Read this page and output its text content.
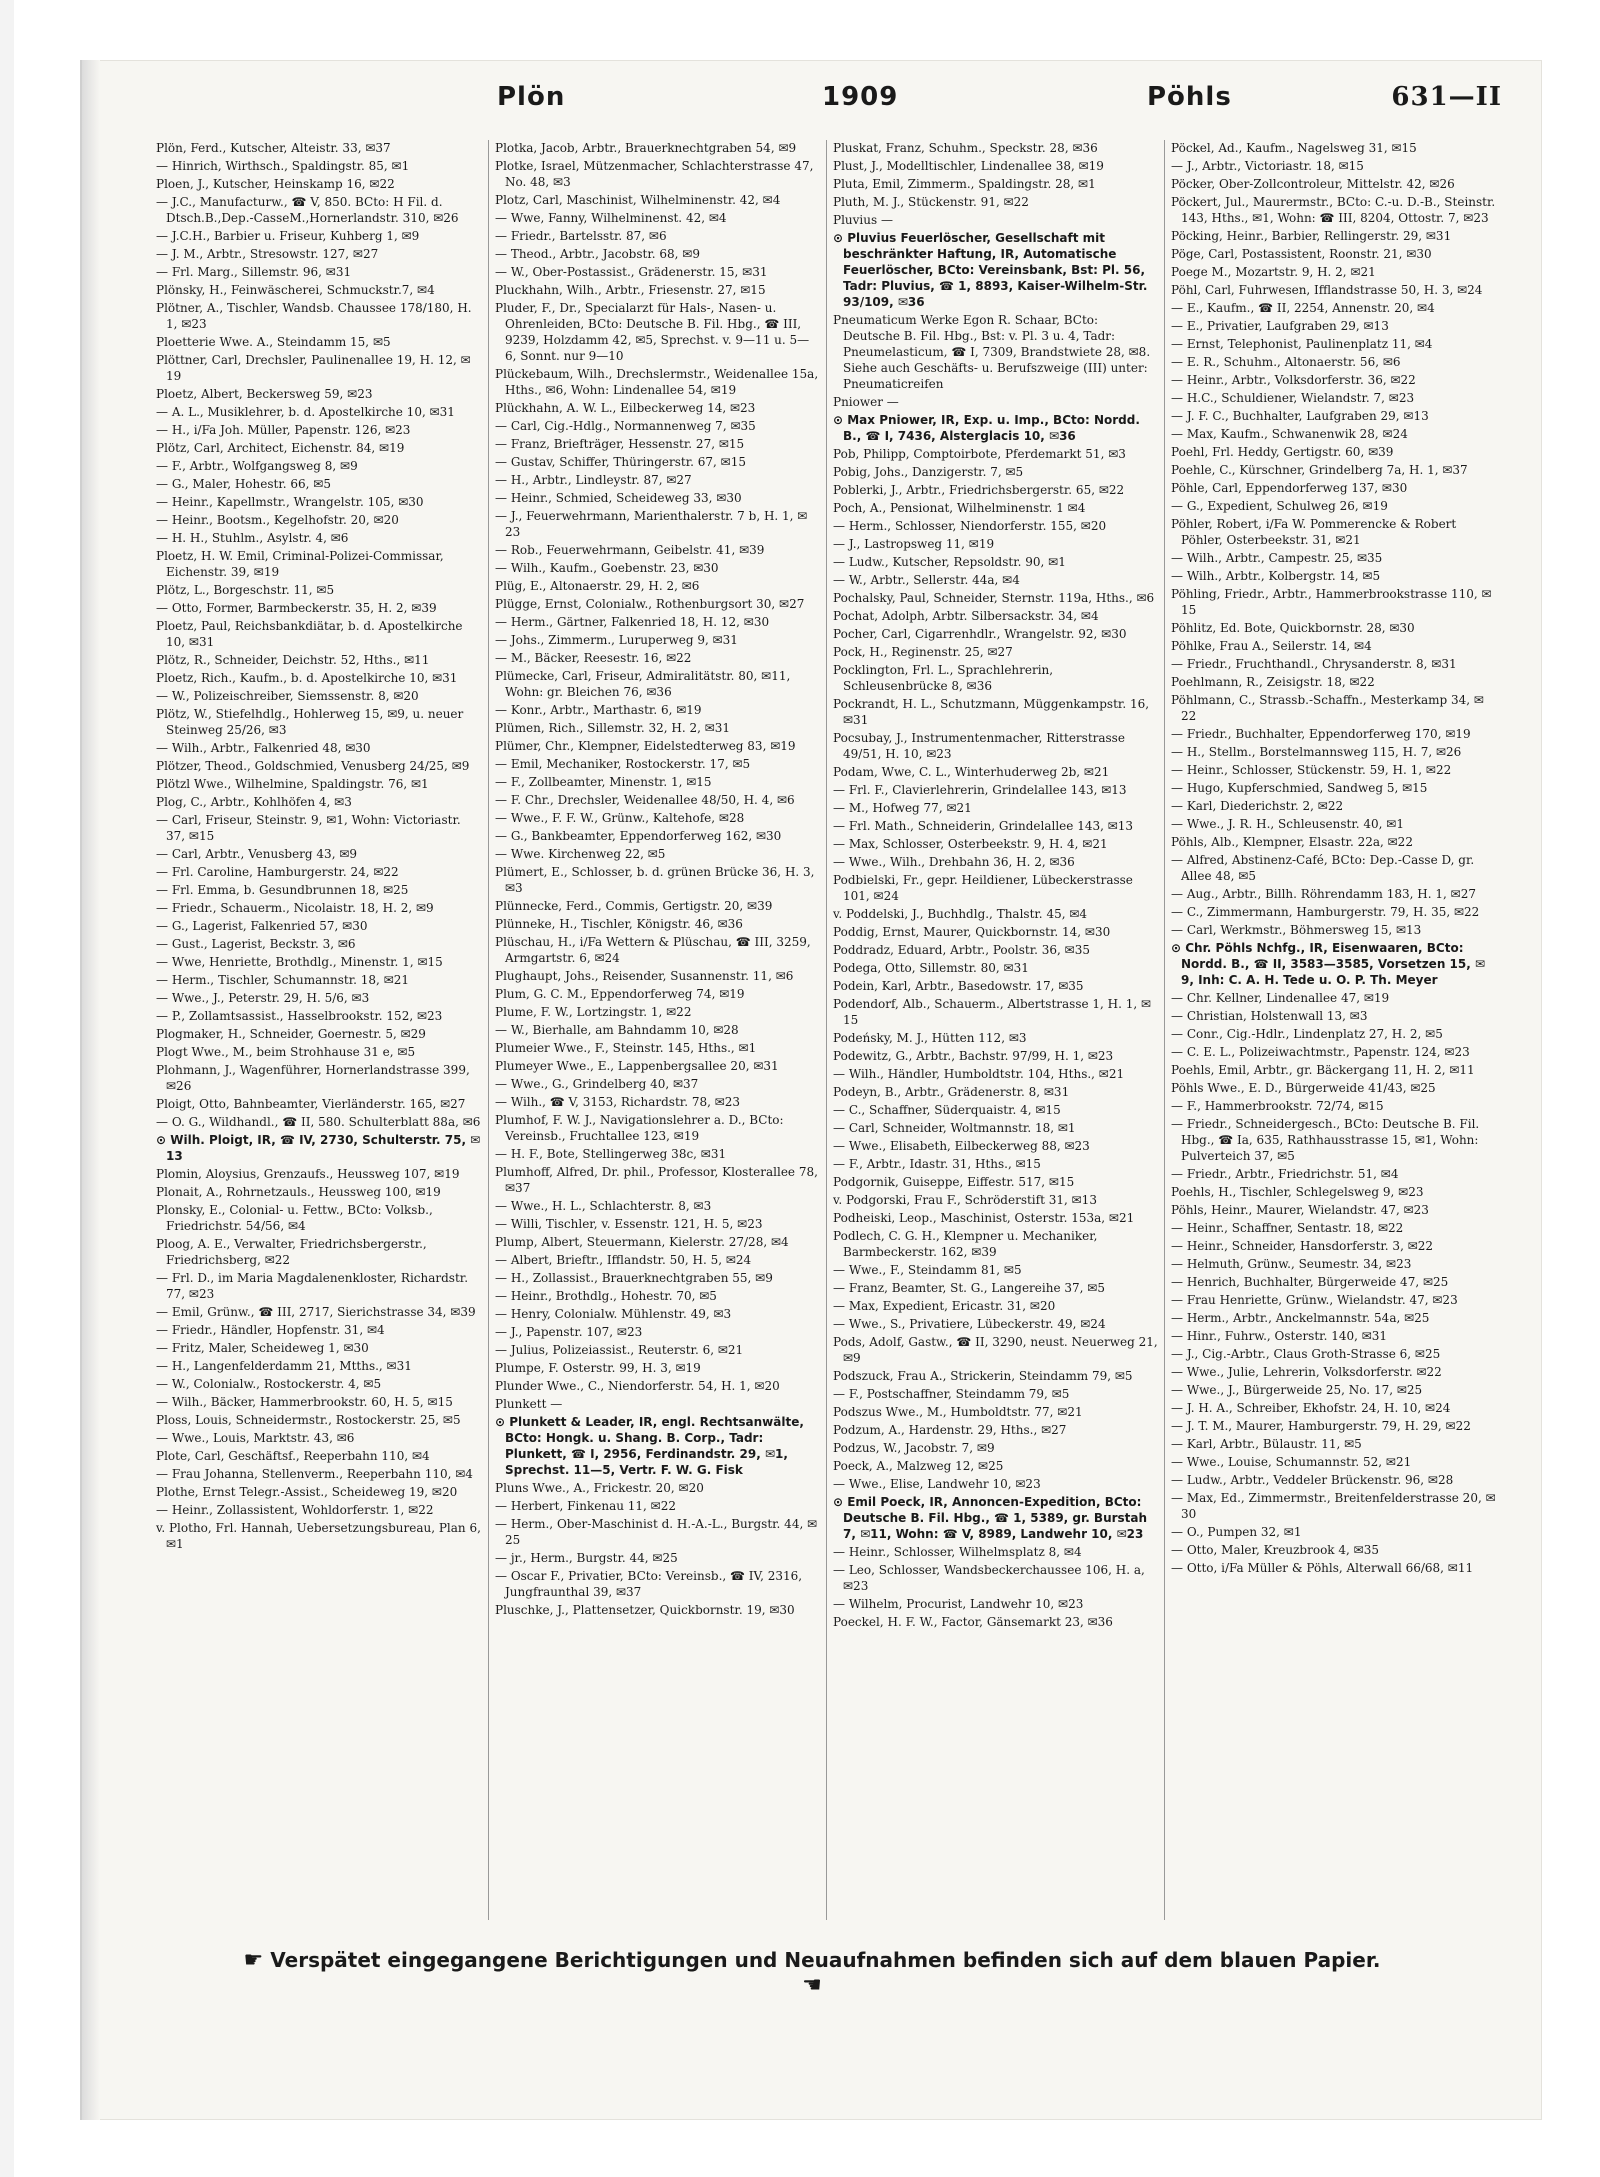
Plön	1909	Pöhls	631—II

Plön, Ferd., Kutscher, Alteistr. 33, ✉37

— Hinrich, Wirthsch., Spaldingstr. 85, ✉1

Ploen, J., Kutscher, Heinskamp 16, ✉22

— J.C., Manufacturw., ☎ V, 850. BCto: H Fil. d. Dtsch.B.,Dep.-CasseM.,Hornerlandstr. 310, ✉26

— J.C.H., Barbier u. Friseur, Kuhberg 1, ✉9

— J. M., Arbtr., Stresowstr. 127, ✉27

— Frl. Marg., Sillemstr. 96, ✉31

Plönsky, H., Feinwäscherei, Schmuckstr.7, ✉4

Plötner, A., Tischler, Wandsb. Chaussee 178/180, H. 1, ✉23

Ploetterie Wwe. A., Steindamm 15, ✉5

Plöttner, Carl, Drechsler, Paulinenallee 19, H. 12, ✉19

Ploetz, Albert, Beckersweg 59, ✉23

— A. L., Musiklehrer, b. d. Apostelkirche 10, ✉31

— H., i/Fa Joh. Müller, Papenstr. 126, ✉23

Plötz, Carl, Architect, Eichenstr. 84, ✉19

— F., Arbtr., Wolfgangsweg 8, ✉9

— G., Maler, Hohestr. 66, ✉5

— Heinr., Kapellmstr., Wrangelstr. 105, ✉30

— Heinr., Bootsm., Kegelhofstr. 20, ✉20

— H. H., Stuhlm., Asylstr. 4, ✉6

Ploetz, H. W. Emil, Criminal-Polizei-Commissar, Eichenstr. 39, ✉19

Plötz, L., Borgeschstr. 11, ✉5

— Otto, Former, Barmbeckerstr. 35, H. 2, ✉39

Ploetz, Paul, Reichsbankdiätar, b. d. Apostelkirche 10, ✉31

Plötz, R., Schneider, Deichstr. 52, Hths., ✉11

Ploetz, Rich., Kaufm., b. d. Apostelkirche 10, ✉31

— W., Polizeischreiber, Siemssenstr. 8, ✉20

Plötz, W., Stiefelhdlg., Hohlerweg 15, ✉9, u. neuer Steinweg 25/26, ✉3

— Wilh., Arbtr., Falkenried 48, ✉30

Plötzer, Theod., Goldschmied, Venusberg 24/25, ✉9

Plötzl Wwe., Wilhelmine, Spaldingstr. 76, ✉1

Plog, C., Arbtr., Kohlhöfen 4, ✉3

— Carl, Friseur, Steinstr. 9, ✉1, Wohn: Victoriastr. 37, ✉15

— Carl, Arbtr., Venusberg 43, ✉9

— Frl. Caroline, Hamburgerstr. 24, ✉22

— Frl. Emma, b. Gesundbrunnen 18, ✉25

— Friedr., Schauerm., Nicolaistr. 18, H. 2, ✉9

— G., Lagerist, Falkenried 57, ✉30

— Gust., Lagerist, Beckstr. 3, ✉6

— Wwe, Henriette, Brothdlg., Minenstr. 1, ✉15

— Herm., Tischler, Schumannstr. 18, ✉21

— Wwe., J., Peterstr. 29, H. 5/6, ✉3

— P., Zollamtsassist., Hasselbrookstr. 152, ✉23

Plogmaker, H., Schneider, Goernestr. 5, ✉29

Plogt Wwe., M., beim Strohhause 31 e, ✉5

Plohmann, J., Wagenführer, Hornerlandstrasse 399, ✉26

Ploigt, Otto, Bahnbeamter, Vierländerstr. 165, ✉27

— O. G., Wildhandl., ☎ II, 580. Schulterblatt 88a, ✉6

⊙ Wilh. Ploigt, IR, ☎ IV, 2730, Schulterstr. 75, ✉13

Plomin, Aloysius, Grenzaufs., Heussweg 107, ✉19

Plonait, A., Rohrnetzauls., Heussweg 100, ✉19

Plonsky, E., Colonial- u. Fettw., BCto: Volksb., Friedrichstr. 54/56, ✉4

Ploog, A. E., Verwalter, Friedrichsbergerstr., Friedrichsberg, ✉22

— Frl. D., im Maria Magdalenenkloster, Richardstr. 77, ✉23

— Emil, Grünw., ☎ III, 2717, Sierichstrasse 34, ✉39

— Friedr., Händler, Hopfenstr. 31, ✉4

— Fritz, Maler, Scheideweg 1, ✉30

— H., Langenfelderdamm 21, Mtths., ✉31

— W., Colonialw., Rostockerstr. 4, ✉5

— Wilh., Bäcker, Hammerbrookstr. 60, H. 5, ✉15

Ploss, Louis, Schneidermstr., Rostockerstr. 25, ✉5

— Wwe., Louis, Marktstr. 43, ✉6

Plote, Carl, Geschäftsf., Reeperbahn 110, ✉4

— Frau Johanna, Stellenverm., Reeperbahn 110, ✉4

Plothe, Ernst Telegr.-Assist., Scheideweg 19, ✉20

— Heinr., Zollassistent, Wohldorferstr. 1, ✉22

v. Plotho, Frl. Hannah, Uebersetzungsbureau, Plan 6, ✉1

Plotka, Jacob, Arbtr., Brauerknechtgraben 54, ✉9

Plotke, Israel, Mützenmacher, Schlachterstrasse 47, No. 48, ✉3

Plotz, Carl, Maschinist, Wilhelminenstr. 42, ✉4

— Wwe, Fanny, Wilhelminenst. 42, ✉4

— Friedr., Bartelsstr. 87, ✉6

— Theod., Arbtr., Jacobstr. 68, ✉9

— W., Ober-Postassist., Grädenerstr. 15, ✉31

Pluckhahn, Wilh., Arbtr., Friesenstr. 27, ✉15

Pluder, F., Dr., Specialarzt für Hals-, Nasen- u. Ohrenleiden, BCto: Deutsche B. Fil. Hbg., ☎ III, 9239, Holzdamm 42, ✉5, Sprechst. v. 9—11 u. 5—6, Sonnt. nur 9—10

Plückebaum, Wilh., Drechslermstr., Weidenallee 15a, Hths., ✉6, Wohn: Lindenallee 54, ✉19

Plückhahn, A. W. L., Eilbeckerweg 14, ✉23

— Carl, Cig.-Hdlg., Normannenweg 7, ✉35

— Franz, Briefträger, Hessenstr. 27, ✉15

— Gustav, Schiffer, Thüringerstr. 67, ✉15

— H., Arbtr., Lindleystr. 87, ✉27

— Heinr., Schmied, Scheideweg 33, ✉30

— J., Feuerwehrmann, Marienthalerstr. 7 b, H. 1, ✉23

— Rob., Feuerwehrmann, Geibelstr. 41, ✉39

— Wilh., Kaufm., Goebenstr. 23, ✉30

Plüg, E., Altonaerstr. 29, H. 2, ✉6

Plügge, Ernst, Colonialw., Rothenburgsort 30, ✉27

— Herm., Gärtner, Falkenried 18, H. 12, ✉30

— Johs., Zimmerm., Luruperweg 9, ✉31

— M., Bäcker, Reesestr. 16, ✉22

Plümecke, Carl, Friseur, Admiralitätstr. 80, ✉11, Wohn: gr. Bleichen 76, ✉36

— Konr., Arbtr., Marthastr. 6, ✉19

Plümen, Rich., Sillemstr. 32, H. 2, ✉31

Plümer, Chr., Klempner, Eidelstedterweg 83, ✉19

— Emil, Mechaniker, Rostockerstr. 17, ✉5

— F., Zollbeamter, Minenstr. 1, ✉15

— F. Chr., Drechsler, Weidenallee 48/50, H. 4, ✉6

— Wwe., F. F. W., Grünw., Kaltehofe, ✉28

— G., Bankbeamter, Eppendorferweg 162, ✉30

— Wwe. Kirchenweg 22, ✉5

Plümert, E., Schlosser, b. d. grünen Brücke 36, H. 3, ✉3

Plünnecke, Ferd., Commis, Gertigstr. 20, ✉39

Plünneke, H., Tischler, Königstr. 46, ✉36

Plüschau, H., i/Fa Wettern & Plüschau, ☎ III, 3259, Armgartstr. 6, ✉24

Plughaupt, Johs., Reisender, Susannenstr. 11, ✉6

Plum, G. C. M., Eppendorferweg 74, ✉19

Plume, F. W., Lortzingstr. 1, ✉22

— W., Bierhalle, am Bahndamm 10, ✉28

Plumeier Wwe., F., Steinstr. 145, Hths., ✉1

Plumeyer Wwe., E., Lappenbergsallee 20, ✉31

— Wwe., G., Grindelberg 40, ✉37

— Wilh., ☎ V, 3153, Richardstr. 78, ✉23

Plumhof, F. W. J., Navigationslehrer a. D., BCto: Vereinsb., Fruchtallee 123, ✉19

— H. F., Bote, Stellingerweg 38c, ✉31

Plumhoff, Alfred, Dr. phil., Professor, Klosterallee 78, ✉37

— Wwe., H. L., Schlachterstr. 8, ✉3

— Willi, Tischler, v. Essenstr. 121, H. 5, ✉23

Plump, Albert, Steuermann, Kielerstr. 27/28, ✉4

— Albert, Brieftr., Ifflandstr. 50, H. 5, ✉24

— H., Zollassist., Brauerknechtgraben 55, ✉9

— Heinr., Brothdlg., Hohestr. 70, ✉5

— Henry, Colonialw. Mühlenstr. 49, ✉3

— J., Papenstr. 107, ✉23

— Julius, Polizeiassist., Reuterstr. 6, ✉21

Plumpe, F. Osterstr. 99, H. 3, ✉19

Plunder Wwe., C., Niendorferstr. 54, H. 1, ✉20

Plunkett —

⊙ Plunkett & Leader, IR, engl. Rechtsanwälte, BCto: Hongk. u. Shang. B. Corp., Tadr: Plunkett, ☎ I, 2956, Ferdinandstr. 29, ✉1, Sprechst. 11—5, Vertr. F. W. G. Fisk

Pluns Wwe., A., Frickestr. 20, ✉20

— Herbert, Finkenau 11, ✉22

— Herm., Ober-Maschinist d. H.-A.-L., Burgstr. 44, ✉25

— jr., Herm., Burgstr. 44, ✉25

— Oscar F., Privatier, BCto: Vereinsb., ☎ IV, 2316, Jungfraunthal 39, ✉37

Pluschke, J., Plattensetzer, Quickbornstr. 19, ✉30

Pluskat, Franz, Schuhm., Speckstr. 28, ✉36

Plust, J., Modelltischler, Lindenallee 38, ✉19

Pluta, Emil, Zimmerm., Spaldingstr. 28, ✉1

Pluth, M. J., Stückenstr. 91, ✉22

Pluvius —

⊙ Pluvius Feuerlöscher, Gesellschaft mit beschränkter Haftung, IR, Automatische Feuerlöscher, BCto: Vereinsbank, Bst: Pl. 56, Tadr: Pluvius, ☎ 1, 8893, Kaiser-Wilhelm-Str. 93/109, ✉36

Pneumaticum Werke Egon R. Schaar, BCto: Deutsche B. Fil. Hbg., Bst: v. Pl. 3 u. 4, Tadr: Pneumelasticum, ☎ I, 7309, Brandstwiete 28, ✉8. Siehe auch Geschäfts- u. Berufszweige (III) unter: Pneumaticreifen

Pniower —

⊙ Max Pniower, IR, Exp. u. Imp., BCto: Nordd. B., ☎ I, 7436, Alsterglacis 10, ✉36

Pob, Philipp, Comptoirbote, Pferdemarkt 51, ✉3

Pobig, Johs., Danzigerstr. 7, ✉5

Poblerki, J., Arbtr., Friedrichsbergerstr. 65, ✉22

Poch, A., Pensionat, Wilhelminenstr. 1 ✉4

— Herm., Schlosser, Niendorferstr. 155, ✉20

— J., Lastropsweg 11, ✉19

— Ludw., Kutscher, Repsoldstr. 90, ✉1

— W., Arbtr., Sellerstr. 44a, ✉4

Pochalsky, Paul, Schneider, Sternstr. 119a, Hths., ✉6

Pochat, Adolph, Arbtr. Silbersackstr. 34, ✉4

Pocher, Carl, Cigarrenhdlr., Wrangelstr. 92, ✉30

Pock, H., Reginenstr. 25, ✉27

Pocklington, Frl. L., Sprachlehrerin, Schleusenbrücke 8, ✉36

Pockrandt, H. L., Schutzmann, Müggenkampstr. 16, ✉31

Pocsubay, J., Instrumentenmacher, Ritterstrasse 49/51, H. 10, ✉23

Podam, Wwe, C. L., Winterhuderweg 2b, ✉21

— Frl. F., Clavierlehrerin, Grindelallee 143, ✉13

— M., Hofweg 77, ✉21

— Frl. Math., Schneiderin, Grindelallee 143, ✉13

— Max, Schlosser, Osterbeekstr. 9, H. 4, ✉21

— Wwe., Wilh., Drehbahn 36, H. 2, ✉36

Podbielski, Fr., gepr. Heildiener, Lübeckerstrasse 101, ✉24

v. Poddelski, J., Buchhdlg., Thalstr. 45, ✉4

Poddig, Ernst, Maurer, Quickbornstr. 14, ✉30

Poddradz, Eduard, Arbtr., Poolstr. 36, ✉35

Podega, Otto, Sillemstr. 80, ✉31

Podein, Karl, Arbtr., Basedowstr. 17, ✉35

Podendorf, Alb., Schauerm., Albertstrasse 1, H. 1, ✉15

Podeńsky, M. J., Hütten 112, ✉3

Podewitz, G., Arbtr., Bachstr. 97/99, H. 1, ✉23

— Wilh., Händler, Humboldtstr. 104, Hths., ✉21

Podeyn, B., Arbtr., Grädenerstr. 8, ✉31

— C., Schaffner, Süderquaistr. 4, ✉15

— Carl, Schneider, Woltmannstr. 18, ✉1

— Wwe., Elisabeth, Eilbeckerweg 88, ✉23

— F., Arbtr., Idastr. 31, Hths., ✉15

Podgornik, Guiseppe, Eiffestr. 517, ✉15

v. Podgorski, Frau F., Schröderstift 31, ✉13

Podheiski, Leop., Maschinist, Osterstr. 153a, ✉21

Podlech, C. G. H., Klempner u. Mechaniker, Barmbeckerstr. 162, ✉39

— Wwe., F., Steindamm 81, ✉5

— Franz, Beamter, St. G., Langereihe 37, ✉5

— Max, Expedient, Ericastr. 31, ✉20

— Wwe., S., Privatiere, Lübeckerstr. 49, ✉24

Pods, Adolf, Gastw., ☎ II, 3290, neust. Neuerweg 21, ✉9

Podszuck, Frau A., Strickerin, Steindamm 79, ✉5

— F., Postschaffner, Steindamm 79, ✉5

Podszus Wwe., M., Humboldtstr. 77, ✉21

Podzum, A., Hardenstr. 29, Hths., ✉27

Podzus, W., Jacobstr. 7, ✉9

Poeck, A., Malzweg 12, ✉25

— Wwe., Elise, Landwehr 10, ✉23

⊙ Emil Poeck, IR, Annoncen-Expedition, BCto: Deutsche B. Fil. Hbg., ☎ 1, 5389, gr. Burstah 7, ✉11, Wohn: ☎ V, 8989, Landwehr 10, ✉23

— Heinr., Schlosser, Wilhelmsplatz 8, ✉4

— Leo, Schlosser, Wandsbeckerchaussee 106, H. a, ✉23

— Wilhelm, Procurist, Landwehr 10, ✉23

Poeckel, H. F. W., Factor, Gänsemarkt 23, ✉36

Pöckel, Ad., Kaufm., Nagelsweg 31, ✉15

— J., Arbtr., Victoriastr. 18, ✉15

Pöcker, Ober-Zollcontroleur, Mittelstr. 42, ✉26

Pöckert, Jul., Maurermstr., BCto: C.-u. D.-B., Steinstr. 143, Hths., ✉1, Wohn: ☎ III, 8204, Ottostr. 7, ✉23

Pöcking, Heinr., Barbier, Rellingerstr. 29, ✉31

Pöge, Carl, Postassistent, Roonstr. 21, ✉30

Poege M., Mozartstr. 9, H. 2, ✉21

Pöhl, Carl, Fuhrwesen, Ifflandstrasse 50, H. 3, ✉24

— E., Kaufm., ☎ II, 2254, Annenstr. 20, ✉4

— E., Privatier, Laufgraben 29, ✉13

— Ernst, Telephonist, Paulinenplatz 11, ✉4

— E. R., Schuhm., Altonaerstr. 56, ✉6

— Heinr., Arbtr., Volksdorferstr. 36, ✉22

— H.C., Schuldiener, Wielandstr. 7, ✉23

— J. F. C., Buchhalter, Laufgraben 29, ✉13

— Max, Kaufm., Schwanenwik 28, ✉24

Poehl, Frl. Heddy, Gertigstr. 60, ✉39

Poehle, C., Kürschner, Grindelberg 7a, H. 1, ✉37

Pöhle, Carl, Eppendorferweg 137, ✉30

— G., Expedient, Schulweg 26, ✉19

Pöhler, Robert, i/Fa W. Pommerencke & Robert Pöhler, Osterbeekstr. 31, ✉21

— Wilh., Arbtr., Campestr. 25, ✉35

— Wilh., Arbtr., Kolbergstr. 14, ✉5

Pöhling, Friedr., Arbtr., Hammerbrookstrasse 110, ✉15

Pöhlitz, Ed. Bote, Quickbornstr. 28, ✉30

Pöhlke, Frau A., Seilerstr. 14, ✉4

— Friedr., Fruchthandl., Chrysanderstr. 8, ✉31

Poehlmann, R., Zeisigstr. 18, ✉22

Pöhlmann, C., Strassb.-Schaffn., Mesterkamp 34, ✉22

— Friedr., Buchhalter, Eppendorferweg 170, ✉19

— H., Stellm., Borstelmannsweg 115, H. 7, ✉26

— Heinr., Schlosser, Stückenstr. 59, H. 1, ✉22

— Hugo, Kupferschmied, Sandweg 5, ✉15

— Karl, Diederichstr. 2, ✉22

— Wwe., J. R. H., Schleusenstr. 40, ✉1

Pöhls, Alb., Klempner, Elsastr. 22a, ✉22

— Alfred, Abstinenz-Café, BCto: Dep.-Casse D, gr. Allee 48, ✉5

— Aug., Arbtr., Billh. Röhrendamm 183, H. 1, ✉27

— C., Zimmermann, Hamburgerstr. 79, H. 35, ✉22

— Carl, Werkmstr., Böhmersweg 15, ✉13

⊙ Chr. Pöhls Nchfg., IR, Eisenwaaren, BCto: Nordd. B., ☎ II, 3583—3585, Vorsetzen 15, ✉9, Inh: C. A. H. Tede u. O. P. Th. Meyer

— Chr. Kellner, Lindenallee 47, ✉19

— Christian, Holstenwall 13, ✉3

— Conr., Cig.-Hdlr., Lindenplatz 27, H. 2, ✉5

— C. E. L., Polizeiwachtmstr., Papenstr. 124, ✉23

Poehls, Emil, Arbtr., gr. Bäckergang 11, H. 2, ✉11

Pöhls Wwe., E. D., Bürgerweide 41/43, ✉25

— F., Hammerbrookstr. 72/74, ✉15

— Friedr., Schneidergesch., BCto: Deutsche B. Fil. Hbg., ☎ Ia, 635, Rathhausstrasse 15, ✉1, Wohn: Pulverteich 37, ✉5

— Friedr., Arbtr., Friedrichstr. 51, ✉4

Poehls, H., Tischler, Schlegelsweg 9, ✉23

Pöhls, Heinr., Maurer, Wielandstr. 47, ✉23

— Heinr., Schaffner, Sentastr. 18, ✉22

— Heinr., Schneider, Hansdorferstr. 3, ✉22

— Helmuth, Grünw., Seumestr. 34, ✉23

— Henrich, Buchhalter, Bürgerweide 47, ✉25

— Frau Henriette, Grünw., Wielandstr. 47, ✉23

— Herm., Arbtr., Anckelmannstr. 54a, ✉25

— Hinr., Fuhrw., Osterstr. 140, ✉31

— J., Cig.-Arbtr., Claus Groth-Strasse 6, ✉25

— Wwe., Julie, Lehrerin, Volksdorferstr. ✉22

— Wwe., J., Bürgerweide 25, No. 17, ✉25

— J. H. A., Schreiber, Ekhofstr. 24, H. 10, ✉24

— J. T. M., Maurer, Hamburgerstr. 79, H. 29, ✉22

— Karl, Arbtr., Bülaustr. 11, ✉5

— Wwe., Louise, Schumannstr. 52, ✉21

— Ludw., Arbtr., Veddeler Brückenstr. 96, ✉28

— Max, Ed., Zimmermstr., Breitenfelderstrasse 20, ✉30

— O., Pumpen 32, ✉1

— Otto, Maler, Kreuzbrook 4, ✉35

— Otto, i/Fa Müller & Pöhls, Alterwall 66/68, ✉11

☛ Verspätet eingegangene Berichtigungen und Neuaufnahmen befinden sich auf dem blauen Papier. ☚
